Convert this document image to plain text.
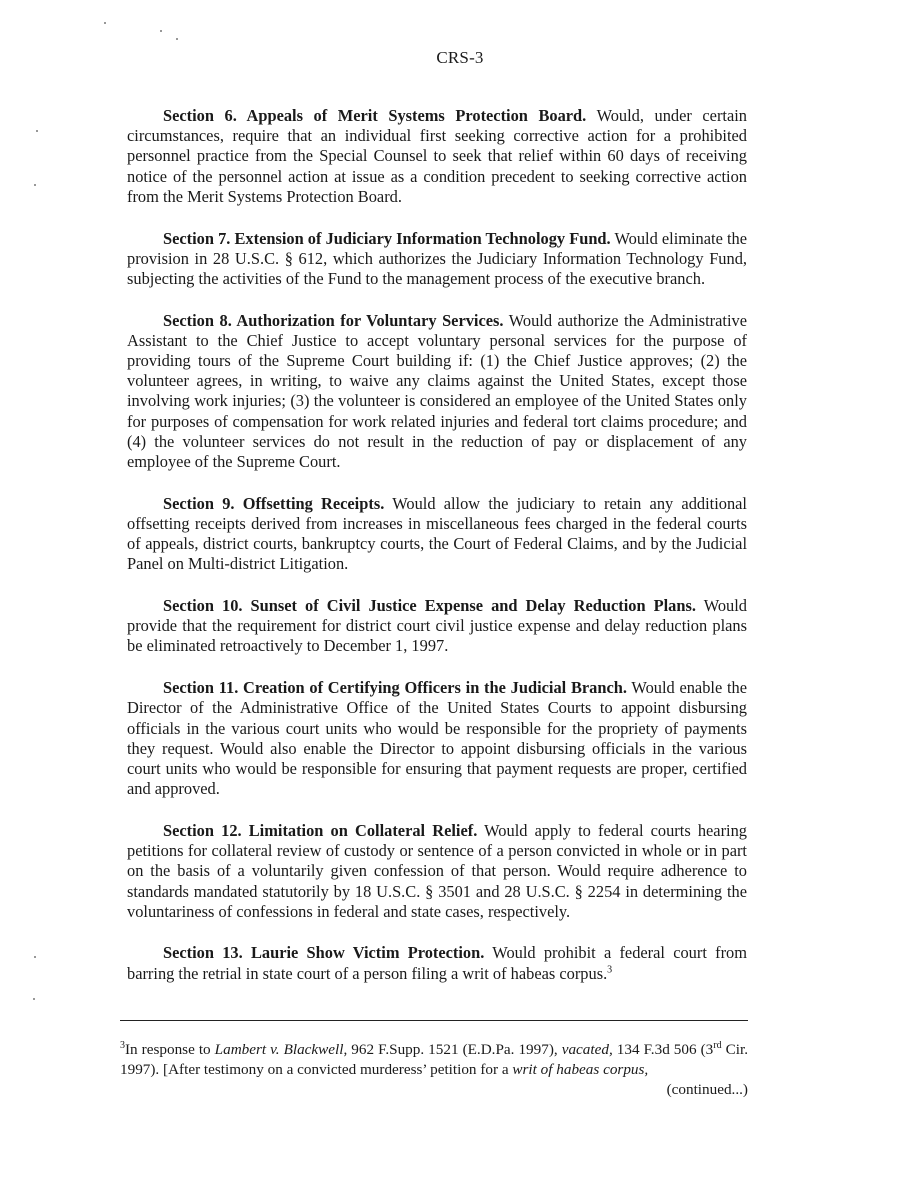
CRS-3

Section 6. Appeals of Merit Systems Protection Board. Would, under certain circumstances, require that an individual first seeking corrective action for a prohibited personnel practice from the Special Counsel to seek that relief within 60 days of receiving notice of the personnel action at issue as a condition precedent to seeking corrective action from the Merit Systems Protection Board.

Section 7. Extension of Judiciary Information Technology Fund. Would eliminate the provision in 28 U.S.C. § 612, which authorizes the Judiciary Information Technology Fund, subjecting the activities of the Fund to the management process of the executive branch.

Section 8. Authorization for Voluntary Services. Would authorize the Administrative Assistant to the Chief Justice to accept voluntary personal services for the purpose of providing tours of the Supreme Court building if: (1) the Chief Justice approves; (2) the volunteer agrees, in writing, to waive any claims against the United States, except those involving work injuries; (3) the volunteer is considered an employee of the United States only for purposes of compensation for work related injuries and federal tort claims procedure; and (4) the volunteer services do not result in the reduction of pay or displacement of any employee of the Supreme Court.

Section 9. Offsetting Receipts. Would allow the judiciary to retain any additional offsetting receipts derived from increases in miscellaneous fees charged in the federal courts of appeals, district courts, bankruptcy courts, the Court of Federal Claims, and by the Judicial Panel on Multi-district Litigation.

Section 10. Sunset of Civil Justice Expense and Delay Reduction Plans. Would provide that the requirement for district court civil justice expense and delay reduction plans be eliminated retroactively to December 1, 1997.

Section 11. Creation of Certifying Officers in the Judicial Branch. Would enable the Director of the Administrative Office of the United States Courts to appoint disbursing officials in the various court units who would be responsible for the propriety of payments they request. Would also enable the Director to appoint disbursing officials in the various court units who would be responsible for ensuring that payment requests are proper, certified and approved.

Section 12. Limitation on Collateral Relief. Would apply to federal courts hearing petitions for collateral review of custody or sentence of a person convicted in whole or in part on the basis of a voluntarily given confession of that person. Would require adherence to standards mandated statutorily by 18 U.S.C. § 3501 and 28 U.S.C. § 2254 in determining the voluntariness of confessions in federal and state cases, respectively.

Section 13. Laurie Show Victim Protection. Would prohibit a federal court from barring the retrial in state court of a person filing a writ of habeas corpus.$^3$

$^3$In response to Lambert v. Blackwell, 962 F.Supp. 1521 (E.D.Pa. 1997), vacated, 134 F.3d 506 (3rd Cir. 1997). [After testimony on a convicted murderess’ petition for a writ of habeas corpus,
(continued...)
